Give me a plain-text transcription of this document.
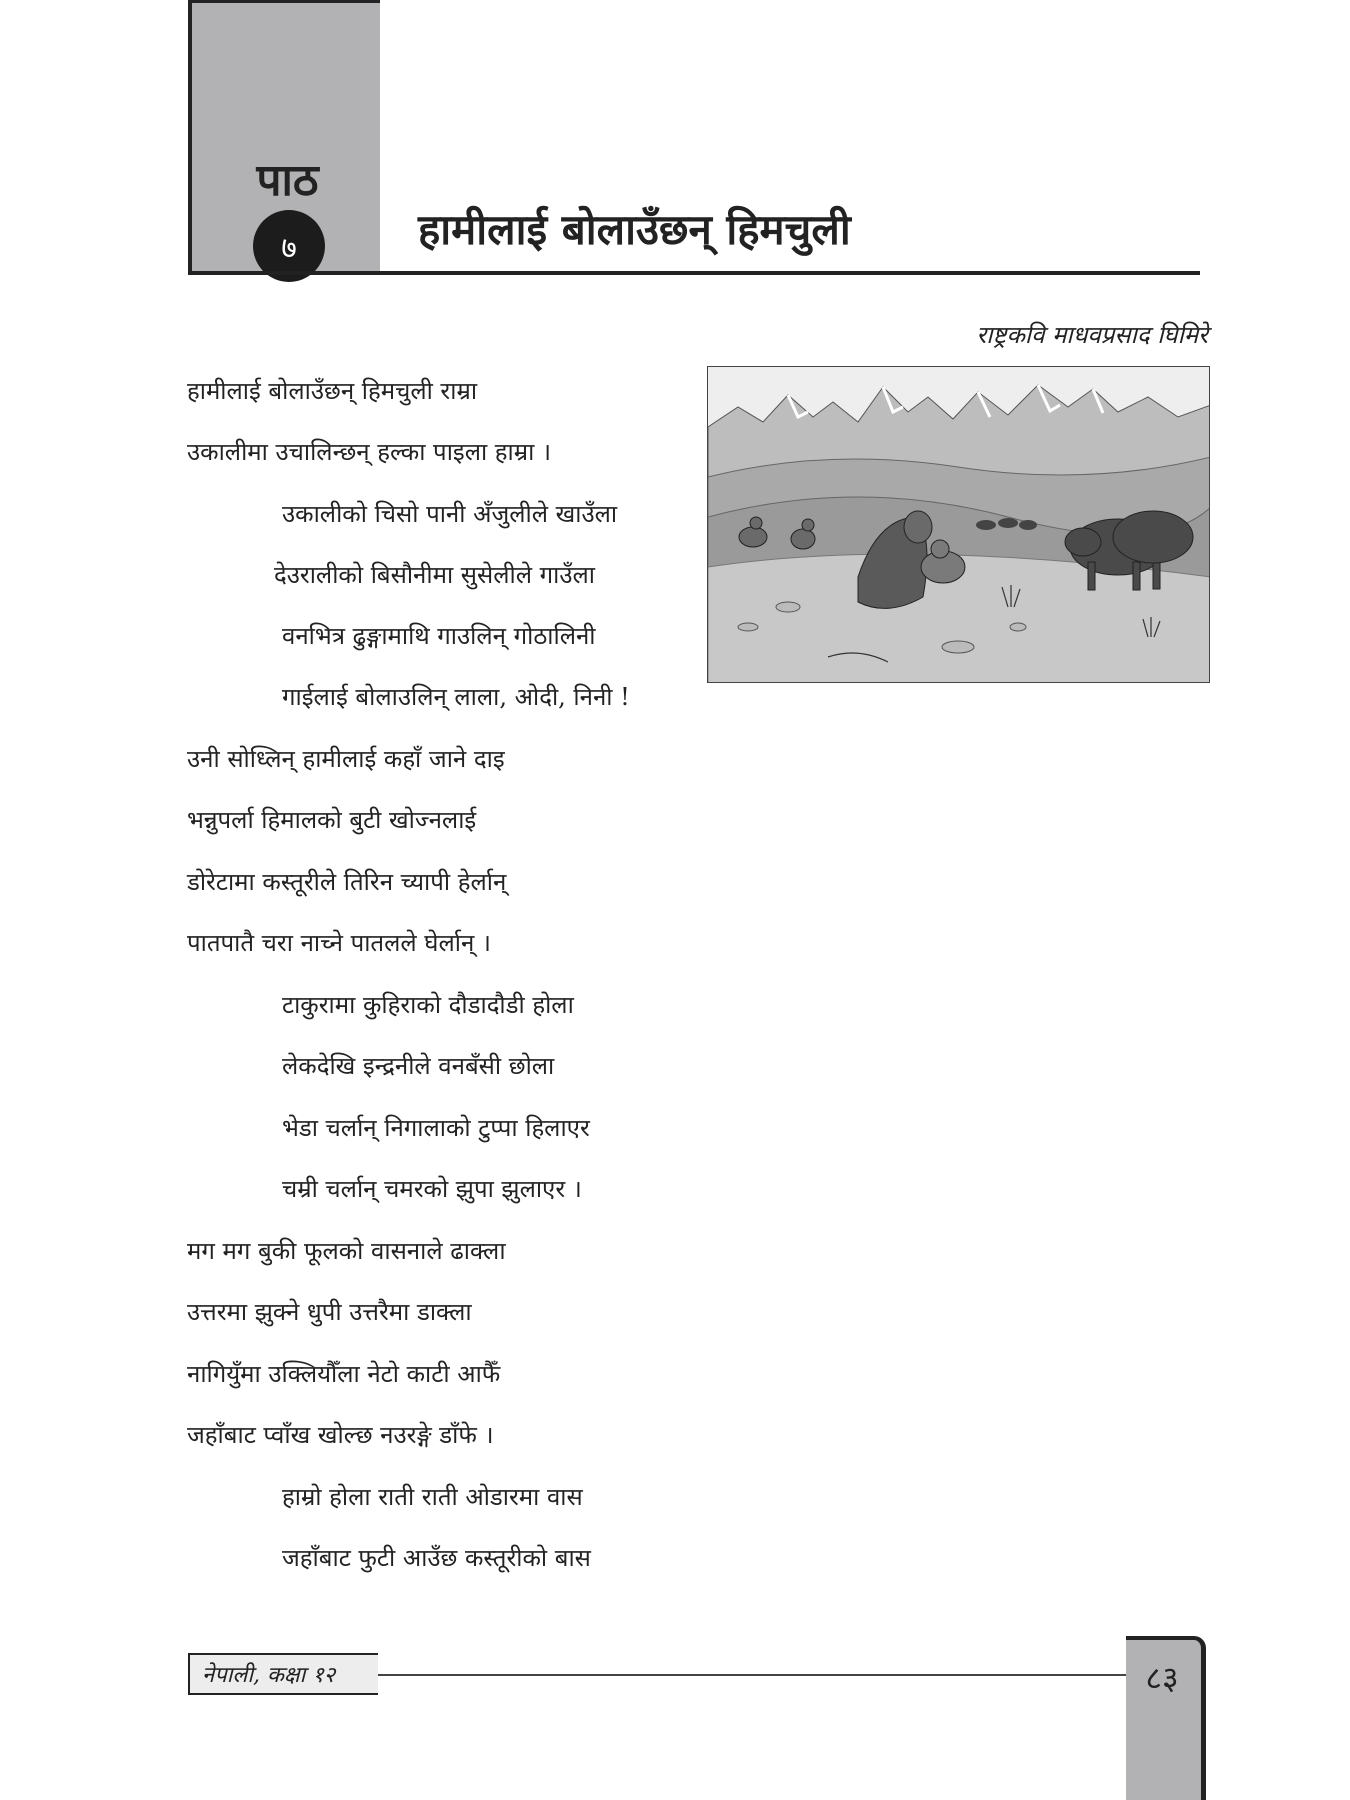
पाठ
७	हामीलाई बोलाउँछन् हिमचुली
राष्ट्रकवि माधवप्रसाद घिमिरे
हामीलाई बोलाउँछन् हिमचुली राम्रा
उकालीमा उचालिन्छन् हल्का पाइला हाम्रा ।
उकालीको चिसो पानी अँजुलीले खाउँला
देउरालीको बिसौनीमा सुसेलीले गाउँला
वनभित्र ढुङ्गामाथि गाउलिन् गोठालिनी
गाईलाई बोलाउलिन् लाला, ओदी, निनी !
उनी सोध्लिन् हामीलाई कहाँ जाने दाइ
भन्नुपर्ला हिमालको बुटी खोज्नलाई
डोरेटामा कस्तूरीले तिरिन च्यापी हेर्लान्
पातपातै चरा नाच्ने पातलले घेर्लान् ।
टाकुरामा कुहिराको दौडादौडी होला
लेकदेखि इन्द्रनीले वनबँसी छोला
भेडा चर्लान् निगालाको टुप्पा हिलाएर
चम्री चर्लान् चमरको झुपा झुलाएर ।
मग मग बुकी फूलको वासनाले ढाक्ला
उत्तरमा झुक्ने धुपी उत्तरैमा डाक्ला
नागियुँमा उक्लियौँला नेटो काटी आफैँ
जहाँबाट प्वाँख खोल्छ नउरङ्गे डाँफे ।
हाम्रो होला राती राती ओडारमा वास
जहाँबाट फुटी आउँछ कस्तूरीको बास
नेपाली, कक्षा १२	८३
